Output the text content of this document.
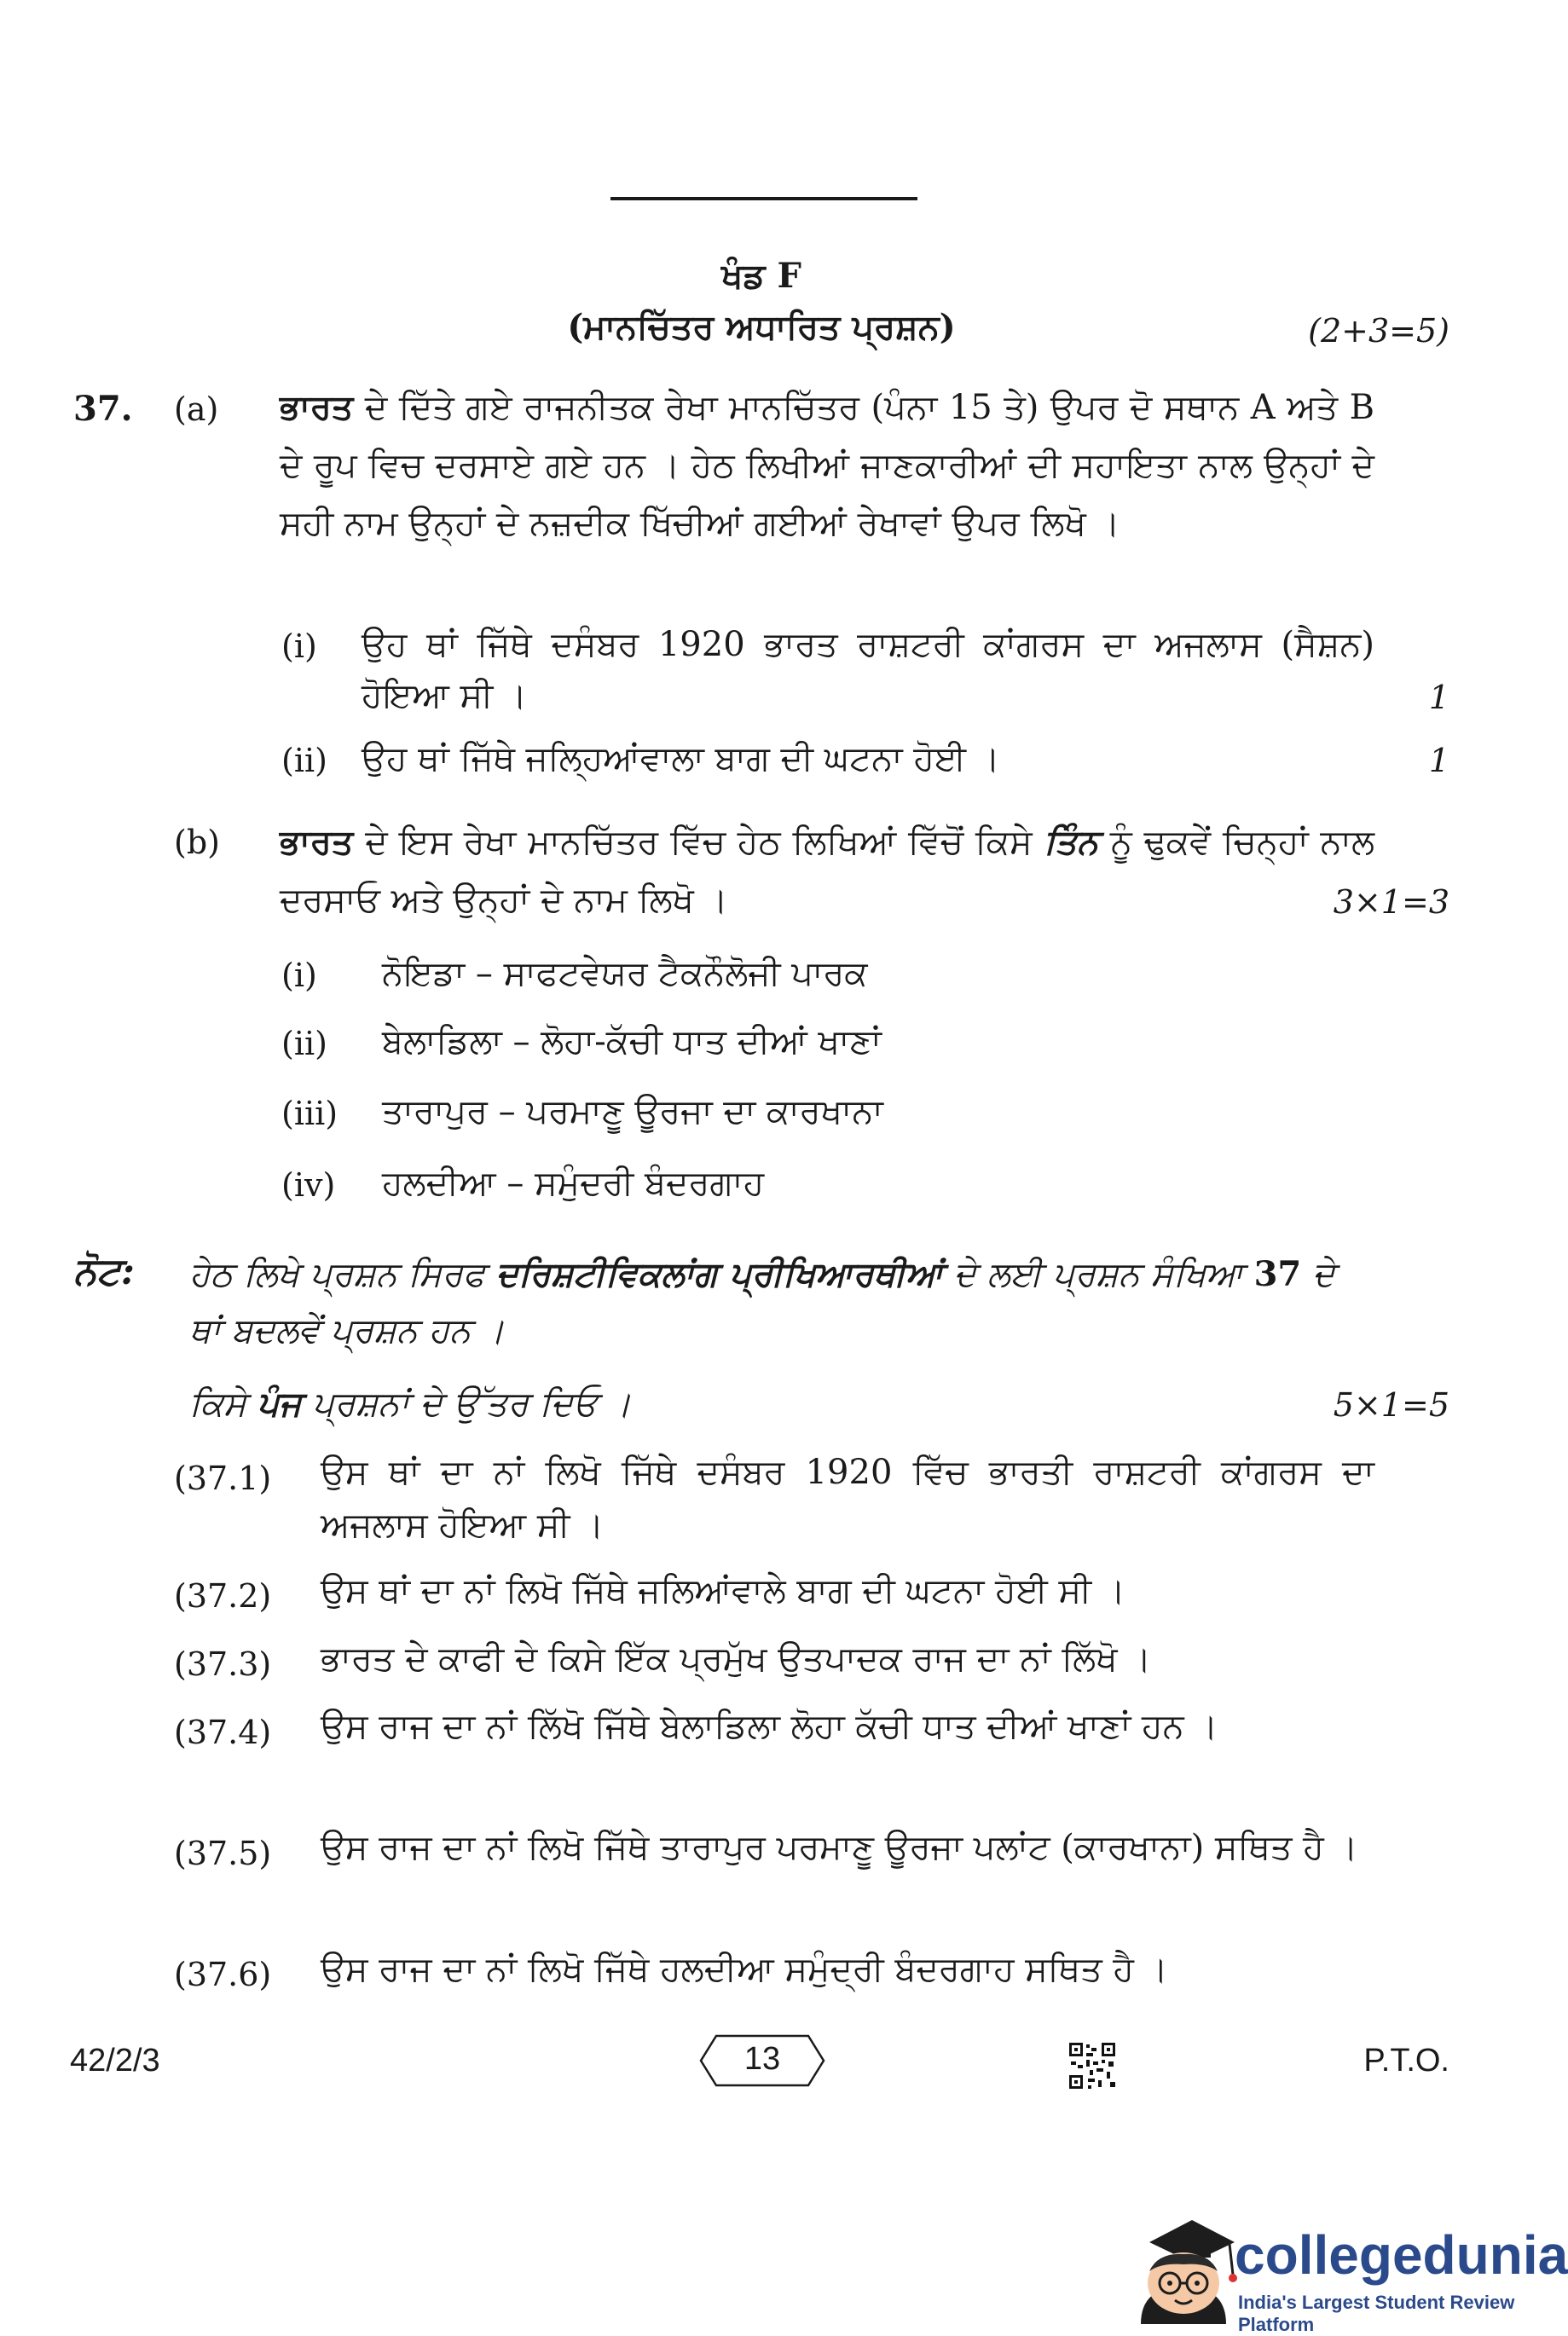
ਖੰਡ F
(ਮਾਨਚਿੱਤਰ ਅਧਾਰਿਤ ਪ੍ਰਸ਼ਨ)	(2+3=5)
37. (a) ਭਾਰਤ ਦੇ ਦਿੱਤੇ ਗਏ ਰਾਜਨੀਤਕ ਰੇਖਾ ਮਾਨਚਿੱਤਰ (ਪੰਨਾ 15 ਤੇ) ਉਪਰ ਦੋ ਸਥਾਨ A ਅਤੇ B ਦੇ ਰੂਪ ਵਿਚ ਦਰਸਾਏ ਗਏ ਹਨ । ਹੇਠ ਲਿਖੀਆਂ ਜਾਣਕਾਰੀਆਂ ਦੀ ਸਹਾਇਤਾ ਨਾਲ ਉਨ੍ਹਾਂ ਦੇ ਸਹੀ ਨਾਮ ਉਨ੍ਹਾਂ ਦੇ ਨਜ਼ਦੀਕ ਖਿੱਚੀਆਂ ਗਈਆਂ ਰੇਖਾਵਾਂ ਉਪਰ ਲਿਖੋ ।
(i) ਉਹ ਥਾਂ ਜਿੱਥੇ ਦਸੰਬਰ 1920 ਭਾਰਤ ਰਾਸ਼ਟਰੀ ਕਾਂਗਰਸ ਦਾ ਅਜਲਾਸ (ਸੈਸ਼ਨ) ਹੋਇਆ ਸੀ ।	1
(ii) ਉਹ ਥਾਂ ਜਿੱਥੇ ਜਲ੍ਹਿਆਂਵਾਲਾ ਬਾਗ ਦੀ ਘਟਨਾ ਹੋਈ ।	1
(b) ਭਾਰਤ ਦੇ ਇਸ ਰੇਖਾ ਮਾਨਚਿੱਤਰ ਵਿੱਚ ਹੇਠ ਲਿਖਿਆਂ ਵਿੱਚੋਂ ਕਿਸੇ ਤਿੰਨ ਨੂੰ ਢੁਕਵੇਂ ਚਿਨ੍ਹਾਂ ਨਾਲ ਦਰਸਾਓ ਅਤੇ ਉਨ੍ਹਾਂ ਦੇ ਨਾਮ ਲਿਖੋ ।	3×1=3
(i) ਨੋਇਡਾ – ਸਾਫਟਵੇਯਰ ਟੈਕਨੌਲੋਜੀ ਪਾਰਕ
(ii) ਬੇਲਾਡਿਲਾ – ਲੋਹਾ-ਕੱਚੀ ਧਾਤ ਦੀਆਂ ਖਾਣਾਂ
(iii) ਤਾਰਾਪੁਰ – ਪਰਮਾਣੂ ਊਰਜਾ ਦਾ ਕਾਰਖਾਨਾ
(iv) ਹਲਦੀਆ – ਸਮੁੰਦਰੀ ਬੰਦਰਗਾਹ
ਨੋਟ: ਹੇਠ ਲਿਖੇ ਪ੍ਰਸ਼ਨ ਸਿਰਫ ਦਰਿਸ਼ਟੀਵਿਕਲਾਂਗ ਪ੍ਰੀਖਿਆਰਥੀਆਂ ਦੇ ਲਈ ਪ੍ਰਸ਼ਨ ਸੰਖਿਆ 37 ਦੇ ਥਾਂ ਬਦਲਵੇਂ ਪ੍ਰਸ਼ਨ ਹਨ ।
ਕਿਸੇ ਪੰਜ ਪ੍ਰਸ਼ਨਾਂ ਦੇ ਉੱਤਰ ਦਿਓ ।	5×1=5
(37.1) ਉਸ ਥਾਂ ਦਾ ਨਾਂ ਲਿਖੋ ਜਿੱਥੇ ਦਸੰਬਰ 1920 ਵਿੱਚ ਭਾਰਤੀ ਰਾਸ਼ਟਰੀ ਕਾਂਗਰਸ ਦਾ ਅਜਲਾਸ ਹੋਇਆ ਸੀ ।
(37.2) ਉਸ ਥਾਂ ਦਾ ਨਾਂ ਲਿਖੋ ਜਿੱਥੇ ਜਲਿਆਂਵਾਲੇ ਬਾਗ ਦੀ ਘਟਨਾ ਹੋਈ ਸੀ ।
(37.3) ਭਾਰਤ ਦੇ ਕਾਫੀ ਦੇ ਕਿਸੇ ਇੱਕ ਪ੍ਰਮੁੱਖ ਉਤਪਾਦਕ ਰਾਜ ਦਾ ਨਾਂ ਲਿੱਖੋ ।
(37.4) ਉਸ ਰਾਜ ਦਾ ਨਾਂ ਲਿੱਖੋ ਜਿੱਥੇ ਬੇਲਾਡਿਲਾ ਲੋਹਾ ਕੱਚੀ ਧਾਤ ਦੀਆਂ ਖਾਣਾਂ ਹਨ ।
(37.5) ਉਸ ਰਾਜ ਦਾ ਨਾਂ ਲਿਖੋ ਜਿੱਥੇ ਤਾਰਾਪੁਰ ਪਰਮਾਣੂ ਊਰਜਾ ਪਲਾਂਟ (ਕਾਰਖਾਨਾ) ਸਥਿਤ ਹੈ ।
(37.6) ਉਸ ਰਾਜ ਦਾ ਨਾਂ ਲਿਖੋ ਜਿੱਥੇ ਹਲਦੀਆ ਸਮੁੰਦ੍ਰੀ ਬੰਦਰਗਾਹ ਸਥਿਤ ਹੈ ।
42/2/3	13	P.T.O.
collegedunia
India's Largest Student Review Platform
